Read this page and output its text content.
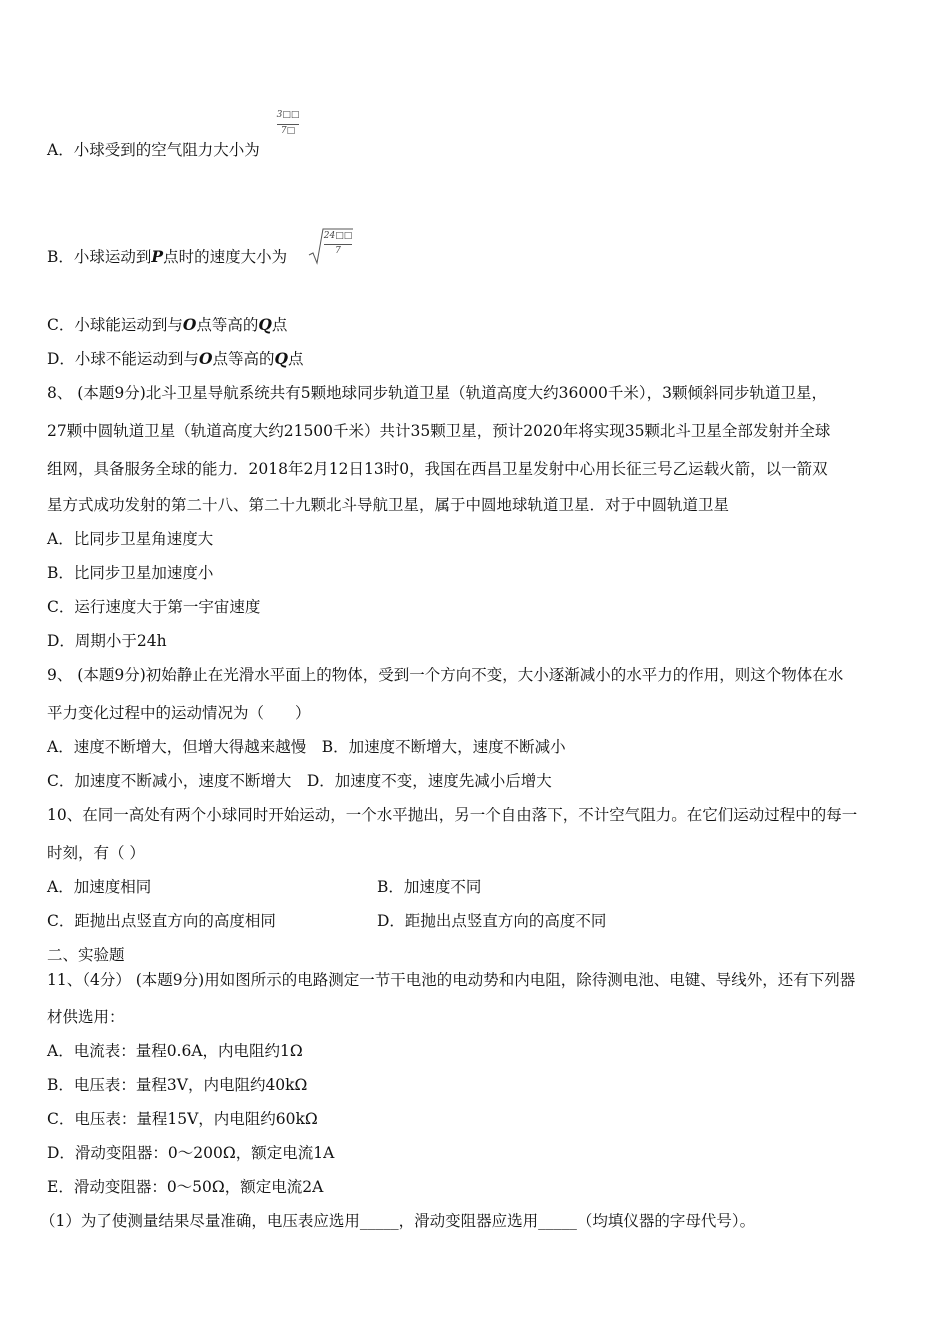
A．小球受到的空气阻力大小为
3□□
7□
B．小球运动到P点时的速度大小为
24□□
7
C．小球能运动到与O点等高的Q点
D．小球不能运动到与O点等高的Q点
8、 (本题9分)北斗卫星导航系统共有5颗地球同步轨道卫星（轨道高度大约36000千米），3颗倾斜同步轨道卫星，
27颗中圆轨道卫星（轨道高度大约21500千米）共计35颗卫星，预计2020年将实现35颗北斗卫星全部发射并全球
组网，具备服务全球的能力．2018年2月12日13时0，我国在西昌卫星发射中心用长征三号乙运载火箭，以一箭双
星方式成功发射的第二十八、第二十九颗北斗导航卫星，属于中圆地球轨道卫星．对于中圆轨道卫星
A．比同步卫星角速度大
B．比同步卫星加速度小
C．运行速度大于第一宇宙速度
D．周期小于24h
9、 (本题9分)初始静止在光滑水平面上的物体，受到一个方向不变，大小逐渐减小的水平力的作用，则这个物体在水
平力变化过程中的运动情况为（　　）
A．速度不断增大，但增大得越来越慢　B．加速度不断增大，速度不断减小
C．加速度不断减小，速度不断增大　D．加速度不变，速度先减小后增大
10、在同一高处有两个小球同时开始运动，一个水平抛出，另一个自由落下，不计空气阻力。在它们运动过程中的每一
时刻，有（ ）
A．加速度相同	B．加速度不同
C．距抛出点竖直方向的高度相同	D．距抛出点竖直方向的高度不同
二、实验题
11、（4分） (本题9分)用如图所示的电路测定一节干电池的电动势和内电阻，除待测电池、电键、导线外，还有下列器
材供选用：
A．电流表：量程0.6A，内电阻约1Ω
B．电压表：量程3V，内电阻约40kΩ
C．电压表：量程15V，内电阻约60kΩ
D．滑动变阻器：0～200Ω，额定电流1A
E．滑动变阻器：0～50Ω，额定电流2A
（1）为了使测量结果尽量准确，电压表应选用_____，滑动变阻器应选用_____（均填仪器的字母代号）。
